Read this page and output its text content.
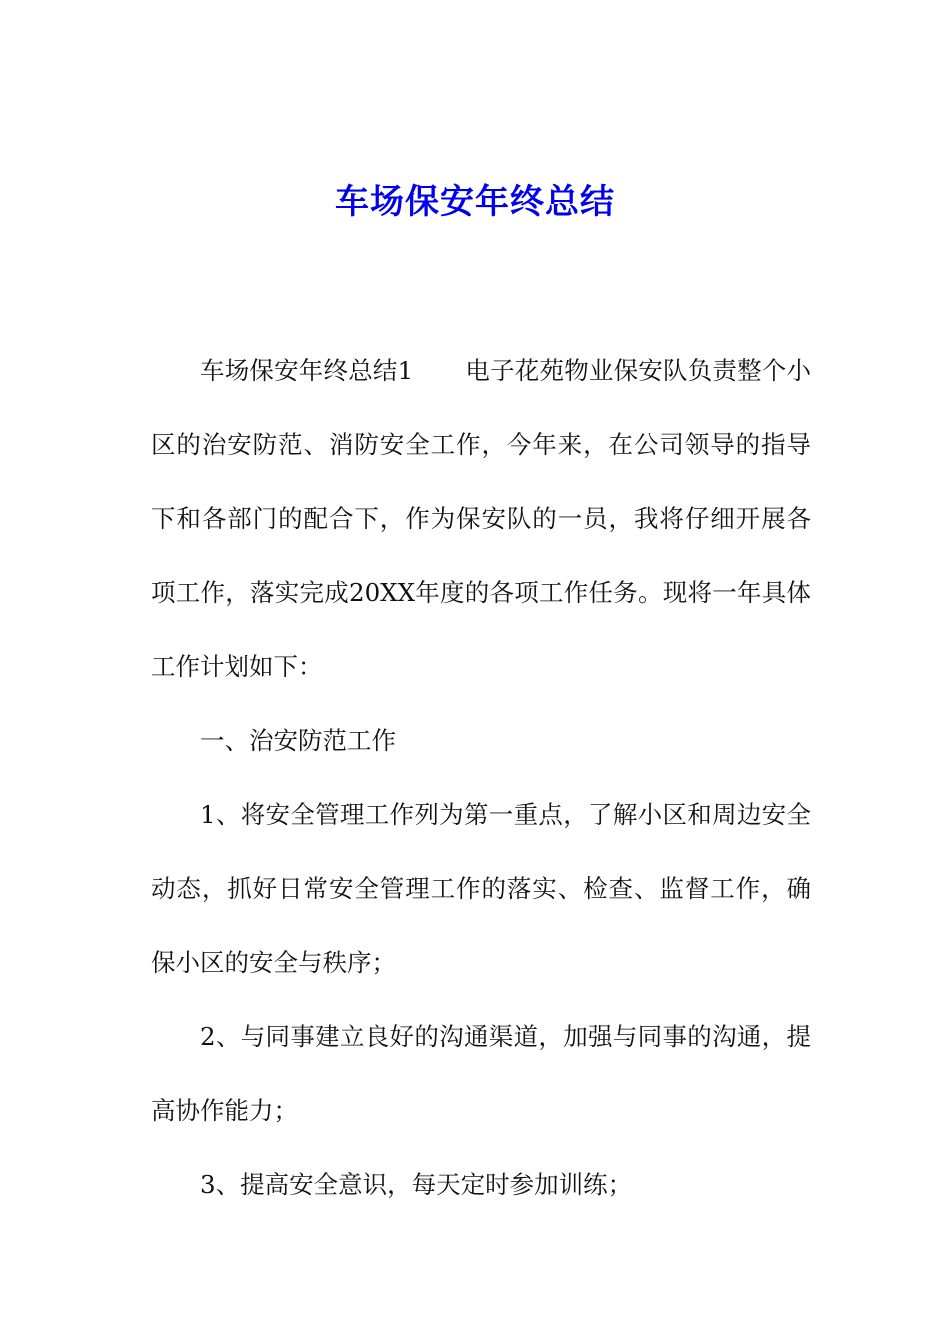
车场保安年终总结

车场保安年终总结1 电子花苑物业保安队负责整个小区的治安防范、消防安全工作，今年来，在公司领导的指导下和各部门的配合下，作为保安队的一员，我将仔细开展各项工作，落实完成20XX年度的各项工作任务。现将一年具体工作计划如下：

一、治安防范工作

1、将安全管理工作列为第一重点，了解小区和周边安全动态，抓好日常安全管理工作的落实、检查、监督工作，确保小区的安全与秩序；

2、与同事建立良好的沟通渠道，加强与同事的沟通，提高协作能力；

3、提高安全意识，每天定时参加训练；
